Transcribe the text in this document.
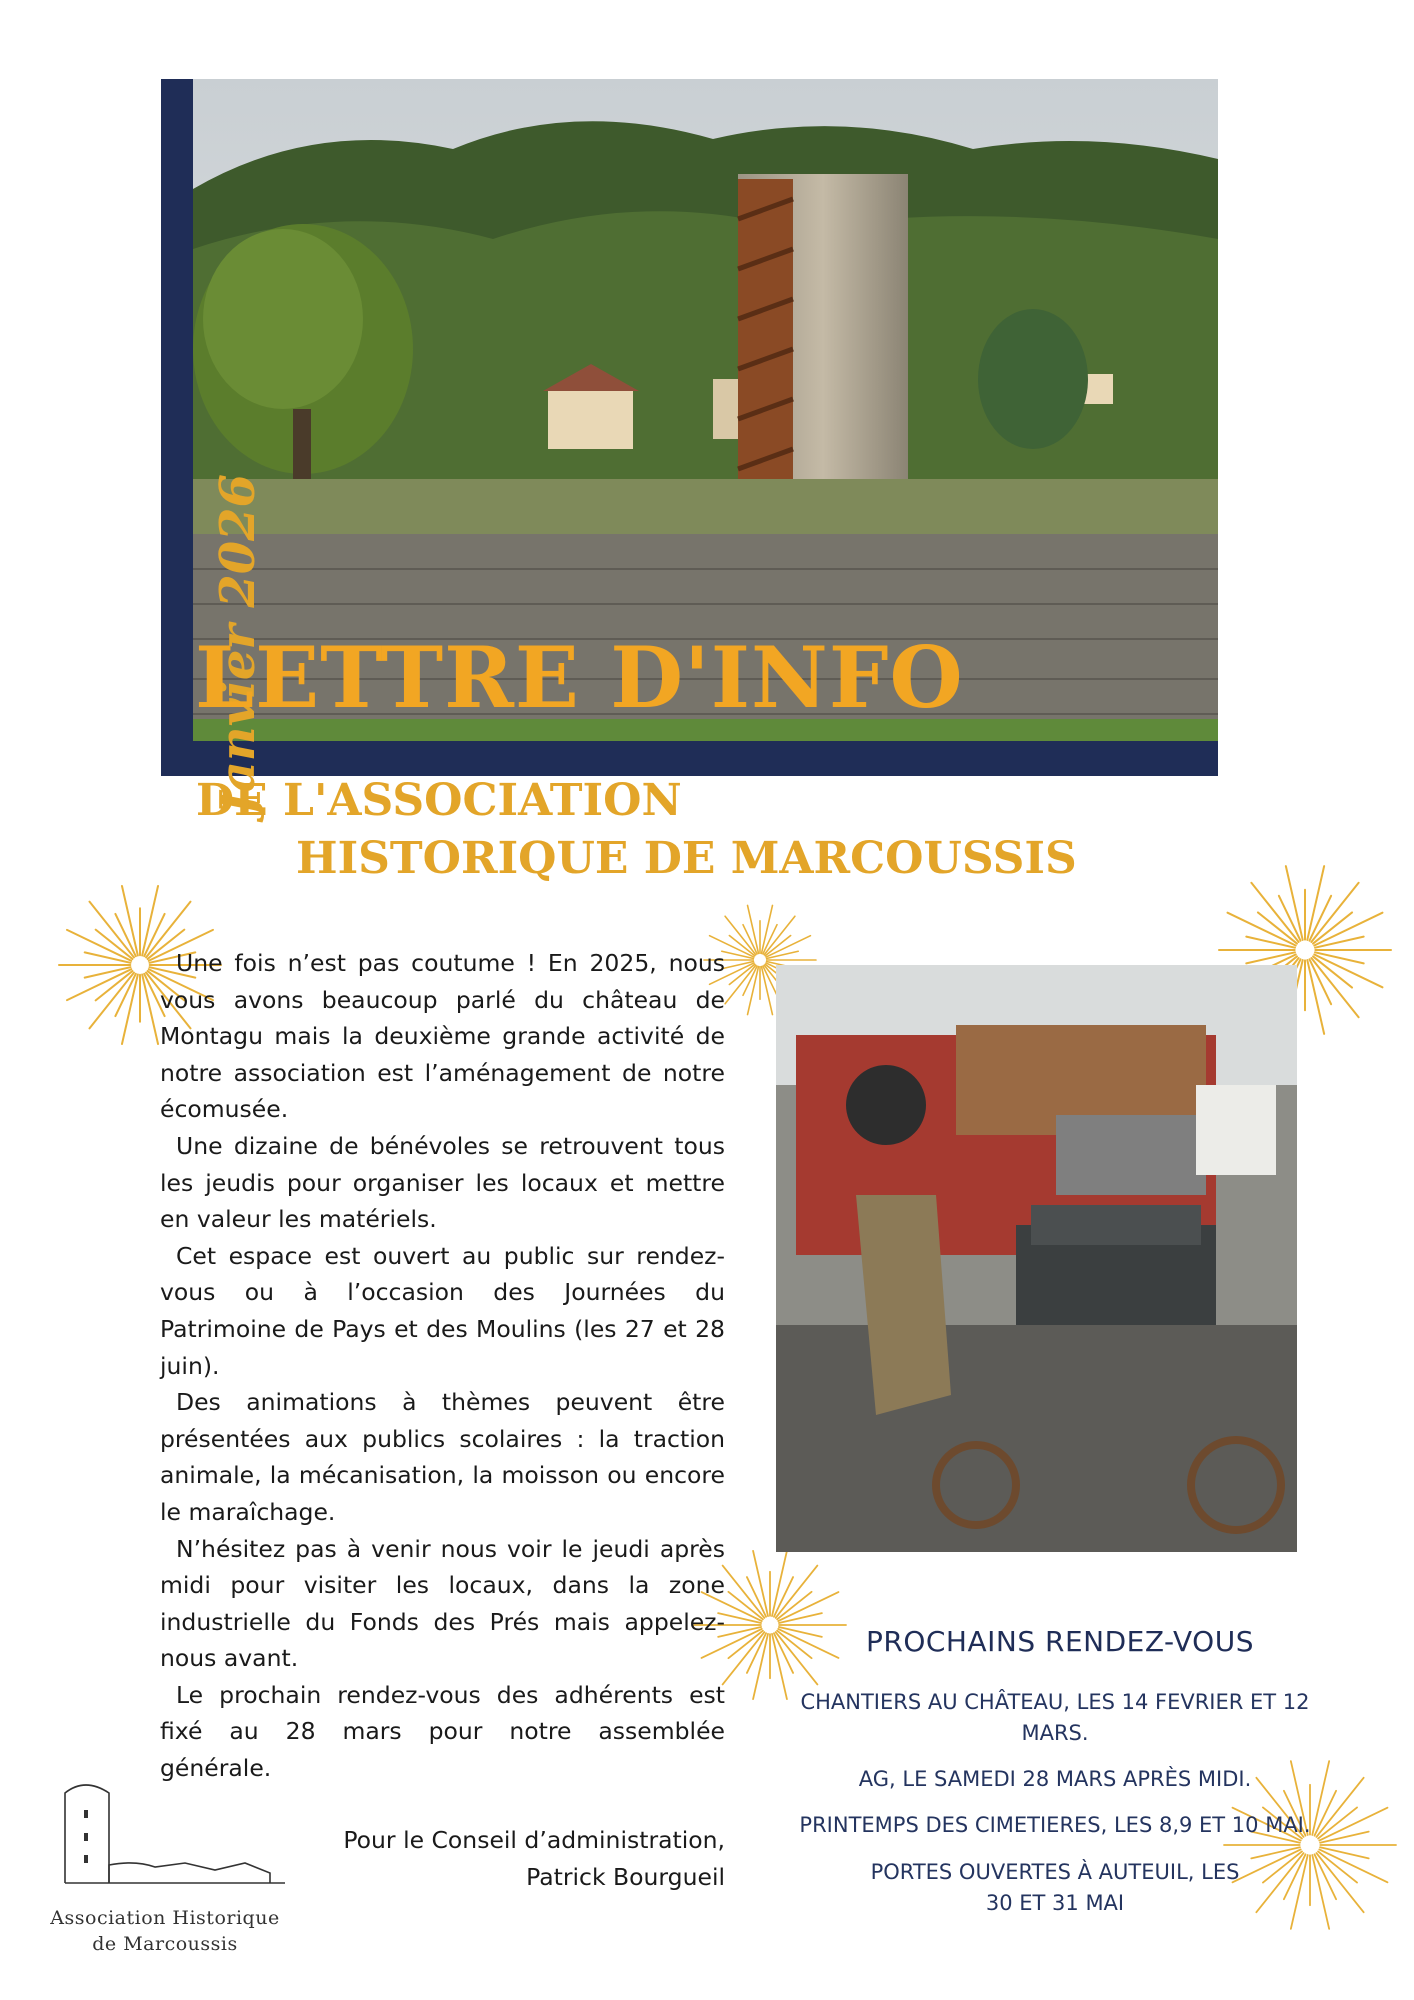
Janvier 2026
LETTRE D'INFO
DE L'ASSOCIATION
HISTORIQUE DE MARCOUSSIS

Une fois n’est pas coutume ! En 2025, nous vous avons beaucoup parlé du château de Montagu mais la deuxième grande activité de notre association est l’aménagement de notre écomusée.

Une dizaine de bénévoles se retrouvent tous les jeudis pour organiser les locaux et mettre en valeur les matériels.

Cet espace est ouvert au public sur rendez-vous ou à l’occasion des Journées du Patrimoine de Pays et des Moulins (les 27 et 28 juin).

Des animations à thèmes peuvent être présentées aux publics scolaires : la traction animale, la mécanisation, la moisson ou encore le maraîchage.

N’hésitez pas à venir nous voir le jeudi après midi pour visiter les locaux, dans la zone industrielle du Fonds des Prés mais appelez-nous avant.

Le prochain rendez-vous des adhérents est fixé au 28 mars pour notre assemblée générale.

Pour le Conseil d’administration,
Patrick Bourgueil
PROCHAINS RENDEZ-VOUS
CHANTIERS AU CHÂTEAU, LES 14 FEVRIER ET 12 MARS.
AG, LE SAMEDI 28 MARS APRÈS MIDI.
PRINTEMPS DES CIMETIERES, LES 8,9 ET 10 MAI.
PORTES OUVERTES À AUTEUIL, LES 30 ET 31 MAI
Association Historique
de Marcoussis
